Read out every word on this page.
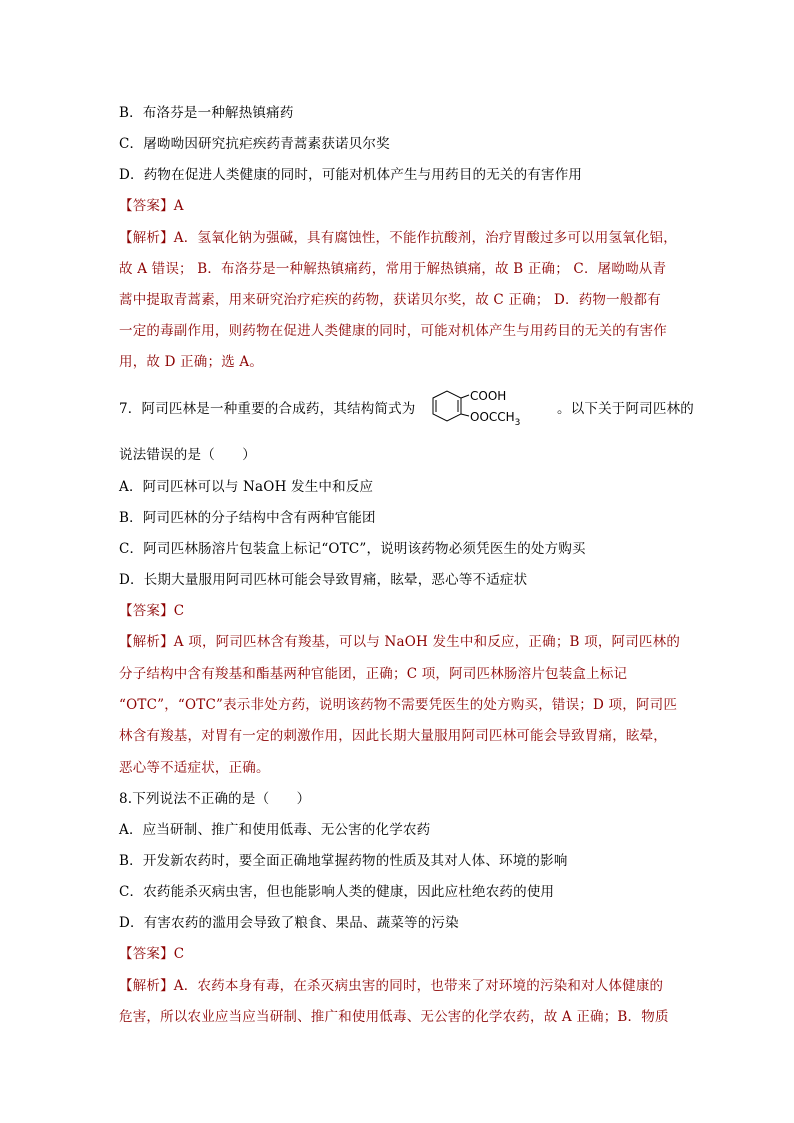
B．布洛芬是一种解热镇痛药
C．屠呦呦因研究抗疟疾药青蒿素获诺贝尔奖
D．药物在促进人类健康的同时，可能对机体产生与用药目的无关的有害作用
【答案】A
【解析】A．氢氧化钠为强碱，具有腐蚀性，不能作抗酸剂，治疗胃酸过多可以用氢氧化铝，
故 A 错误； B．布洛芬是一种解热镇痛药，常用于解热镇痛，故 B 正确； C．屠呦呦从青
蒿中提取青蒿素，用来研究治疗疟疾的药物，获诺贝尔奖，故 C 正确； D．药物一般都有
一定的毒副作用，则药物在促进人类健康的同时，可能对机体产生与用药目的无关的有害作
用，故 D 正确；选 A。
7．阿司匹林是一种重要的合成药，其结构简式为
COOH
$OOCCH_3$
。以下关于阿司匹林的
说法错误的是（　　）
A．阿司匹林可以与 NaOH 发生中和反应
B．阿司匹林的分子结构中含有两种官能团
C．阿司匹林肠溶片包装盒上标记“OTC”，说明该药物必须凭医生的处方购买
D．长期大量服用阿司匹林可能会导致胃痛，眩晕，恶心等不适症状
【答案】C
【解析】A 项，阿司匹林含有羧基，可以与 NaOH 发生中和反应，正确；B 项，阿司匹林的
分子结构中含有羧基和酯基两种官能团，正确；C 项，阿司匹林肠溶片包装盒上标记
“OTC”，“OTC”表示非处方药，说明该药物不需要凭医生的处方购买，错误；D 项，阿司匹
林含有羧基，对胃有一定的刺激作用，因此长期大量服用阿司匹林可能会导致胃痛，眩晕，
恶心等不适症状，正确。
8.下列说法不正确的是（　　）
A．应当研制、推广和使用低毒、无公害的化学农药
B．开发新农药时，要全面正确地掌握药物的性质及其对人体、环境的影响
C．农药能杀灭病虫害，但也能影响人类的健康，因此应杜绝农药的使用
D．有害农药的滥用会导致了粮食、果品、蔬菜等的污染
【答案】C
【解析】A．农药本身有毒，在杀灭病虫害的同时，也带来了对环境的污染和对人体健康的
危害，所以农业应当应当研制、推广和使用低毒、无公害的化学农药，故 A 正确；B．物质
